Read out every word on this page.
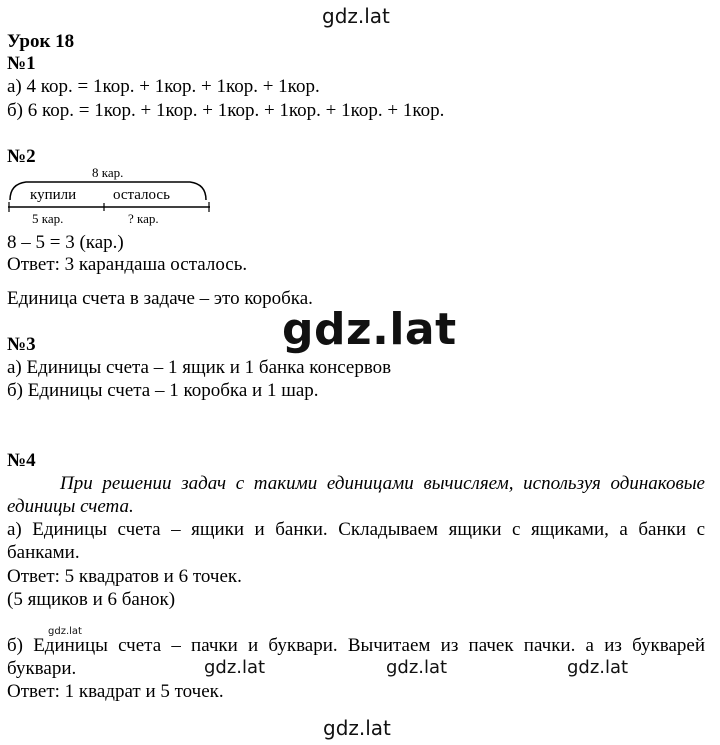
gdz.lat
Урок 18
№1
а) 4 кор. = 1кор. + 1кор. + 1кор. + 1кор.
б) 6 кор. = 1кор. + 1кор. + 1кор. + 1кор. + 1кор. + 1кор.
№2
8 кар.
купили осталось
5 кар.	? кар.
8 – 5 = 3 (кар.)
Ответ: 3 карандаша осталось.
Единица счета в задаче – это коробка.
gdz.lat
№3
а) Единицы счета – 1 ящик и 1 банка консервов
б) Единицы счета – 1 коробка и 1 шар.
№4
При решении задач с такими единицами вычисляем, используя одинаковые
единицы счета.
а) Единицы счета – ящики и банки. Складываем ящики с ящиками, а банки с
банками.
Ответ: 5 квадратов и 6 точек.
(5 ящиков и 6 банок)
gdz.lat
б) Единицы счета – пачки и буквари. Вычитаем из пачек пачки. а из букварей
буквари.	gdz.lat	gdz.lat	gdz.lat
Ответ: 1 квадрат и 5 точек.
gdz.lat
